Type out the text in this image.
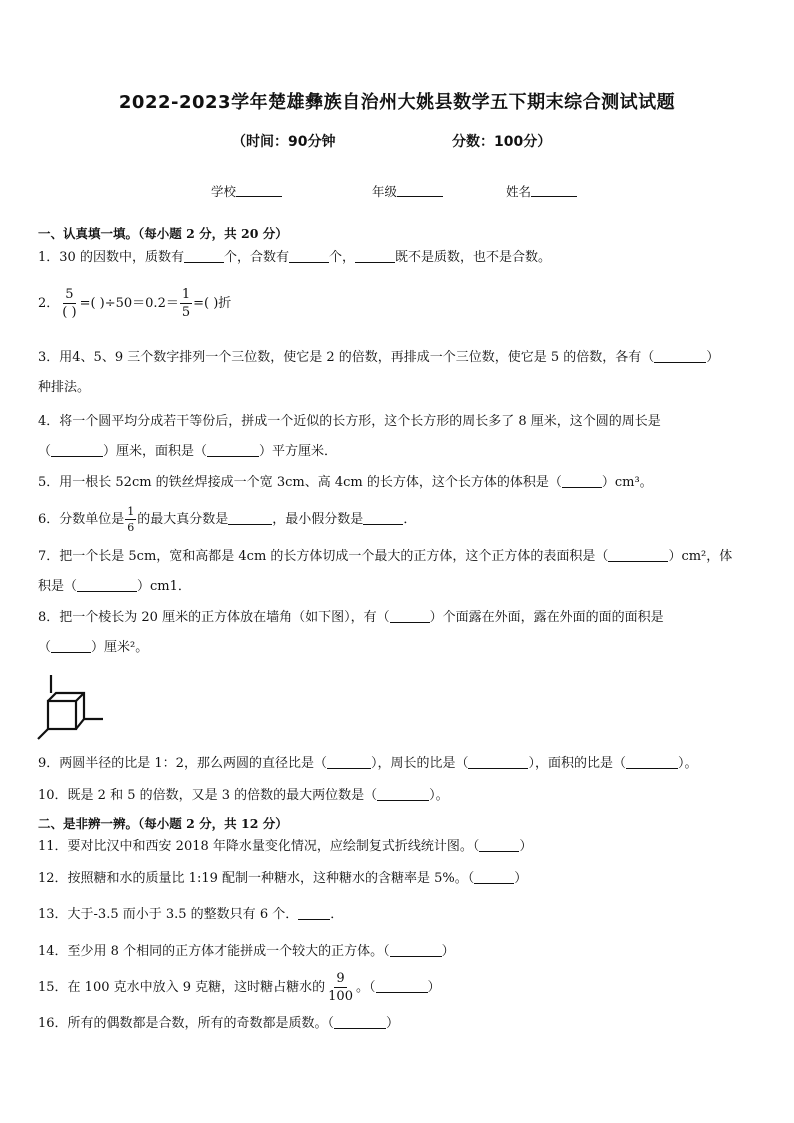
2022-2023学年楚雄彝族自治州大姚县数学五下期末综合测试试题
（时间：90分钟	分数：100分）
学校	年级	姓名
一、认真填一填。（每小题 2 分，共 20 分）
1．30 的因数中，质数有	个，合数有	个，	既不是质数，也不是合数。
2． $\frac{5}{( )}$ =( )$\div 50=0.2= \frac{1}{5}$ =( )折
3．用4、5、9 三个数字排列一个三位数，使它是 2 的倍数，再排成一个三位数，使它是 5 的倍数，各有（	）
种排法。
4．将一个圆平均分成若干等份后，拼成一个近似的长方形，这个长方形的周长多了 8 厘米，这个圆的周长是
（	）厘米，面积是（	）平方厘米．
5．用一根长 52cm 的铁丝焊接成一个宽 3cm、高 4cm 的长方体，这个长方体的体积是（	）cm³。
6．分数单位是 $\frac{1}{6}$ 的最大真分数是	，最小假分数是	．
7．把一个长是 5cm，宽和高都是 4cm 的长方体切成一个最大的正方体，这个正方体的表面积是（	）cm²，体
积是（	）cm1．
8．把一个棱长为 20 厘米的正方体放在墙角（如下图），有（	）个面露在外面，露在外面的面的面积是
（	）厘米²。
9．两圆半径的比是 1：2，那么两圆的直径比是（	），周长的比是（	），面积的比是（	）。
10．既是 2 和 5 的倍数，又是 3 的倍数的最大两位数是（	）。
二、是非辨一辨。（每小题 2 分，共 12 分）
11．要对比汉中和西安 2018 年降水量变化情况，应绘制复式折线统计图。（	）
12．按照糖和水的质量比 1:19 配制一种糖水，这种糖水的含糖率是 5%。（	）
13．大于-3.5 而小于 3.5 的整数只有 6 个． ．
14．至少用 8 个相同的正方体才能拼成一个较大的正方体。（	）
15．在 100 克水中放入 9 克糖，这时糖占糖水的 $\frac{9}{100}$ 。（	）
16．所有的偶数都是合数，所有的奇数都是质数。（	）
